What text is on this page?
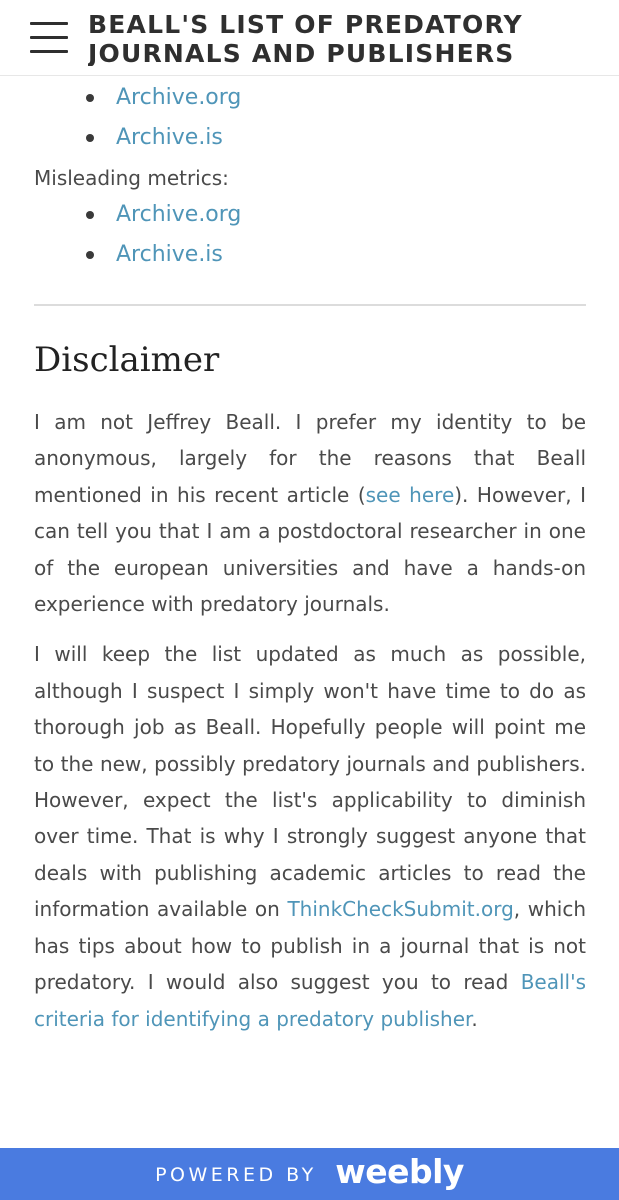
BEALL'S LIST OF PREDATORY JOURNALS AND PUBLISHERS
Archive.org
Archive.is

Misleading metrics:

Archive.org
Archive.is
Disclaimer

I am not Jeffrey Beall. I prefer my identity to be anonymous, largely for the reasons that Beall mentioned in his recent article (see here). However, I can tell you that I am a postdoctoral researcher in one of the european universities and have a hands-on experience with predatory journals.

I will keep the list updated as much as possible, although I suspect I simply won't have time to do as thorough job as Beall. Hopefully people will point me to the new, possibly predatory journals and publishers. However, expect the list's applicability to diminish over time. That is why I strongly suggest anyone that deals with publishing academic articles to read the information available on ThinkCheckSubmit.org, which has tips about how to publish in a journal that is not predatory. I would also suggest you to read Beall's criteria for identifying a predatory publisher.

POWERED BY weebly
